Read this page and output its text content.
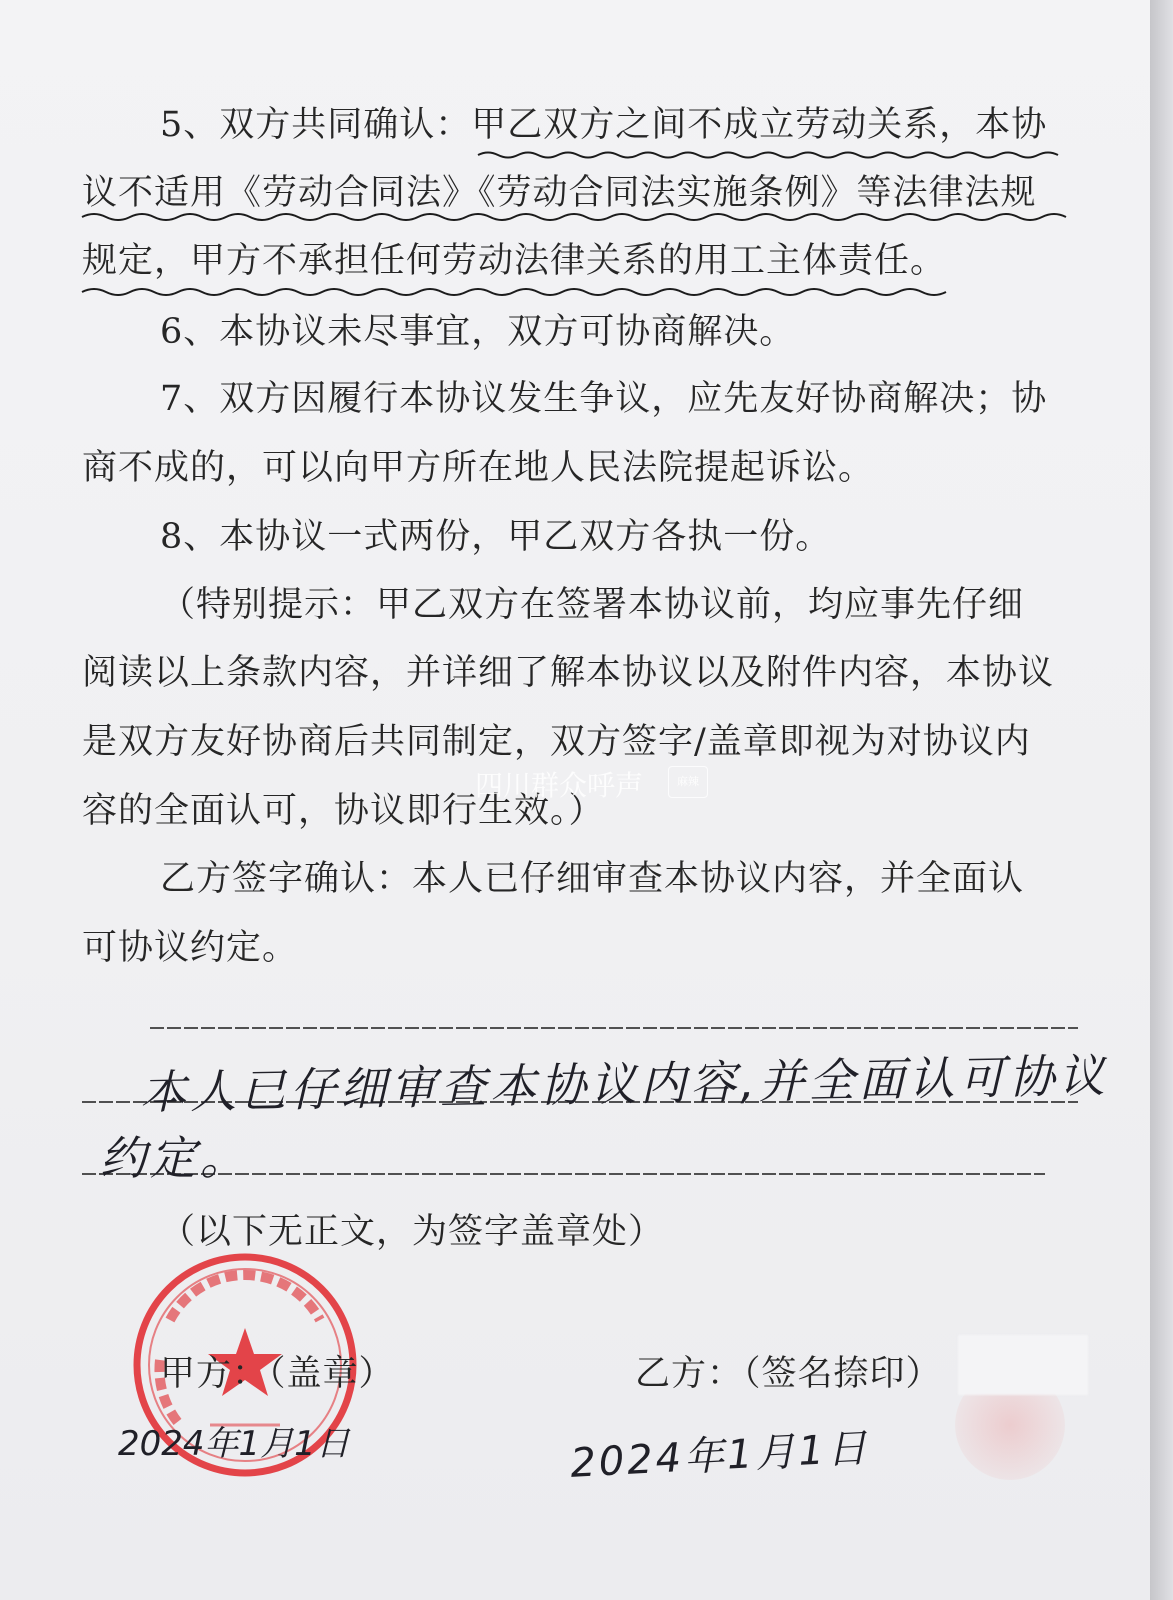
5、双方共同确认：甲乙双方之间不成立劳动关系，本协
议不适用《劳动合同法》《劳动合同法实施条例》等法律法规
规定，甲方不承担任何劳动法律关系的用工主体责任。
6、本协议未尽事宜，双方可协商解决。
7、双方因履行本协议发生争议，应先友好协商解决；协
商不成的，可以向甲方所在地人民法院提起诉讼。
8、本协议一式两份，甲乙双方各执一份。
（特别提示：甲乙双方在签署本协议前，均应事先仔细
阅读以上条款内容，并详细了解本协议以及附件内容，本协议
是双方友好协商后共同制定，双方签字/盖章即视为对协议内
容的全面认可，协议即行生效。）
四川群众呼声	麻辣
乙方签字确认：本人已仔细审查本协议内容，并全面认
可协议约定。
本人已仔细审查本协议内容,并全面认可协议
约定。
（以下无正文，为签字盖章处）
甲方：（盖章）	乙方：（签名捺印）
2024年1月1日	2024年1月1日
